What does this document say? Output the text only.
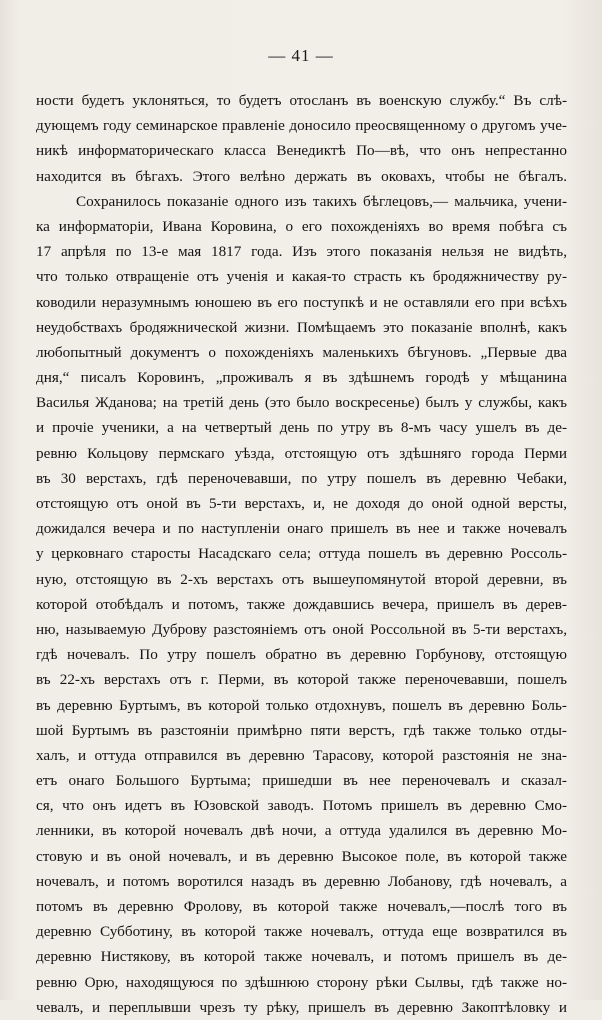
— 41 —
ности будетъ уклоняться, то будетъ отосланъ въ военскую службу.“ Въ слѣ-
дующемъ году семинарское правленіе доносило преосвященному о другомъ уче-
никѣ информаторическаго класса Венедиктѣ По—вѣ, что онъ непрестанно
находится въ бѣгахъ. Этого велѣно держать въ оковахъ, чтобы не бѣгалъ.
Сохранилось показаніе одного изъ такихъ бѣглецовъ,— мальчика, учени-
ка информаторіи, Ивана Коровина, о его похожденіяхъ во время побѣга съ
17 апрѣля по 13-е мая 1817 года. Изъ этого показанія нельзя не видѣть,
что только отвращеніе отъ ученія и какая-то страсть къ бродяжничеству ру-
ководили неразумнымъ юношею въ его поступкѣ и не оставляли его при всѣхъ
неудобствахъ бродяжнической жизни. Помѣщаемъ это показаніе вполнѣ, какъ
любопытный документъ о похожденіяхъ маленькихъ бѣгуновъ. „Первые два
дня,“ писалъ Коровинъ, „проживалъ я въ здѣшнемъ городѣ у мѣщанина
Василья Жданова; на третій день (это было воскресенье) былъ у службы, какъ
и прочіе ученики, а на четвертый день по утру въ 8-мъ часу ушелъ въ де-
ревню Кольцову пермскаго уѣзда, отстоящую отъ здѣшняго города Перми
въ 30 верстахъ, гдѣ переночевавши, по утру пошелъ въ деревню Чебаки,
отстоящую отъ оной въ 5-ти верстахъ, и, не доходя до оной одной версты,
дожидался вечера и по наступленіи онаго пришелъ въ нее и также ночевалъ
у церковнаго старосты Насадскаго села; оттуда пошелъ въ деревню Россоль-
ную, отстоящую въ 2-хъ верстахъ отъ вышеупомянутой второй деревни, въ
которой отобѣдалъ и потомъ, также дождавшись вечера, пришелъ въ дерев-
ню, называемую Дуброву разстояніемъ отъ оной Россольной въ 5-ти верстахъ,
гдѣ ночевалъ. По утру пошелъ обратно въ деревню Горбунову, отстоящую
въ 22-хъ верстахъ отъ г. Перми, въ которой также переночевавши, пошелъ
въ деревню Буртымъ, въ которой только отдохнувъ, пошелъ въ деревню Боль-
шой Буртымъ въ разстояніи примѣрно пяти верстъ, гдѣ также только отды-
халъ, и оттуда отправился въ деревню Тарасову, которой разстоянія не зна-
етъ онаго Большого Буртыма; пришедши въ нее переночевалъ и сказал-
ся, что онъ идетъ въ Юзовской заводъ. Потомъ пришелъ въ деревню Смо-
ленники, въ которой ночевалъ двѣ ночи, а оттуда удалился въ деревню Мо-
стовую и въ оной ночевалъ, и въ деревню Высокое поле, въ которой также
ночевалъ, и потомъ воротился назадъ въ деревню Лобанову, гдѣ ночевалъ, а
потомъ въ деревню Фролову, въ которой также ночевалъ,—послѣ того въ
деревню Субботину, въ которой также ночевалъ, оттуда еще возвратился въ
деревню Нистякову, въ которой также ночевалъ, и потомъ пришелъ въ де-
ревню Орю, находящуюся по здѣшнюю сторону рѣки Сылвы, гдѣ также но-
чевалъ, и переплывши чрезъ ту рѣку, пришелъ въ деревню Закоптѣловку и
